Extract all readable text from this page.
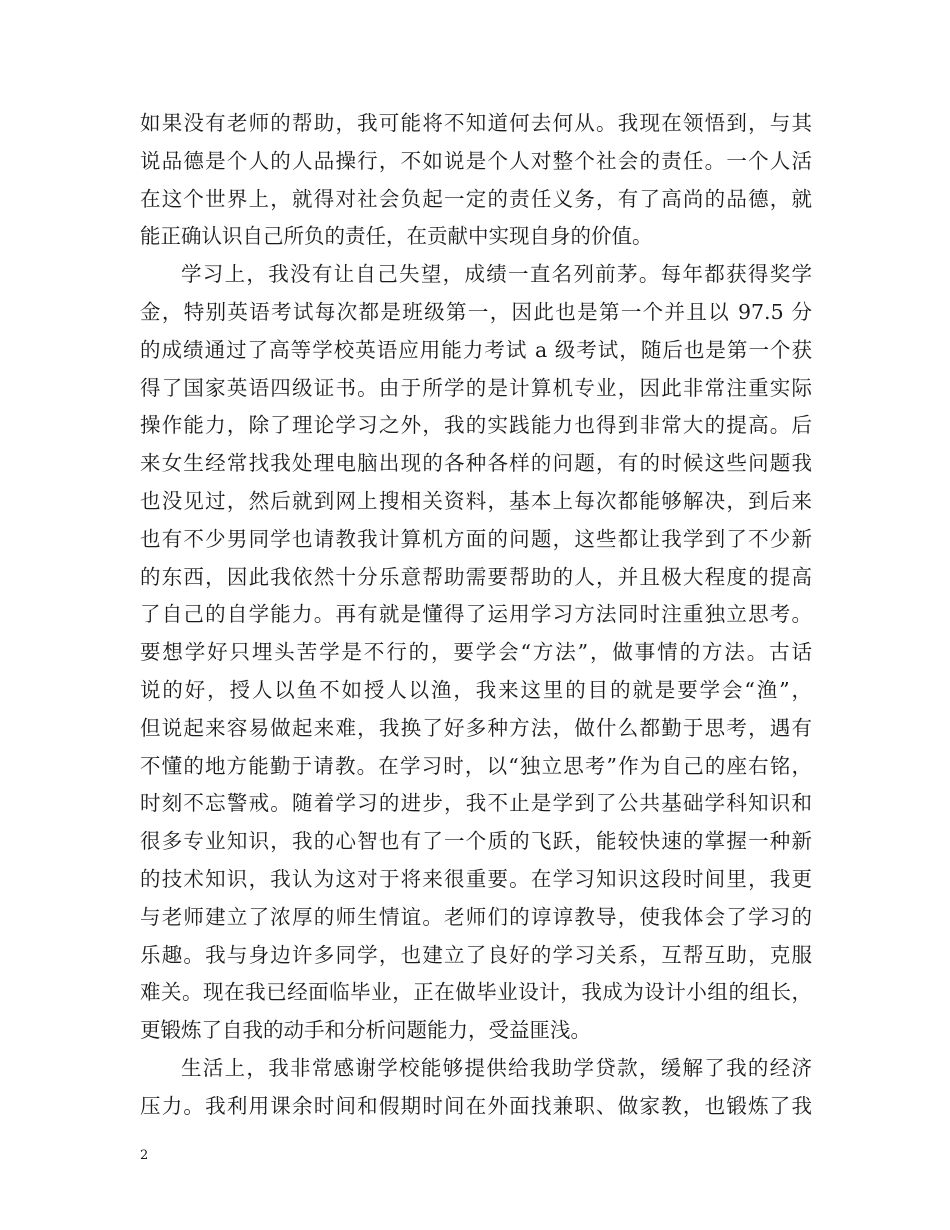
如果没有老师的帮助，我可能将不知道何去何从。我现在领悟到，与其
说品德是个人的人品操行，不如说是个人对整个社会的责任。一个人活
在这个世界上，就得对社会负起一定的责任义务，有了高尚的品德，就
能正确认识自己所负的责任，在贡献中实现自身的价值。
学习上，我没有让自己失望，成绩一直名列前茅。每年都获得奖学
金，特别英语考试每次都是班级第一，因此也是第一个并且以 97.5 分
的成绩通过了高等学校英语应用能力考试 a 级考试，随后也是第一个获
得了国家英语四级证书。由于所学的是计算机专业，因此非常注重实际
操作能力，除了理论学习之外，我的实践能力也得到非常大的提高。后
来女生经常找我处理电脑出现的各种各样的问题，有的时候这些问题我
也没见过，然后就到网上搜相关资料，基本上每次都能够解决，到后来
也有不少男同学也请教我计算机方面的问题，这些都让我学到了不少新
的东西，因此我依然十分乐意帮助需要帮助的人，并且极大程度的提高
了自己的自学能力。再有就是懂得了运用学习方法同时注重独立思考。
要想学好只埋头苦学是不行的，要学会“方法”，做事情的方法。古话
说的好，授人以鱼不如授人以渔，我来这里的目的就是要学会“渔”，
但说起来容易做起来难，我换了好多种方法，做什么都勤于思考，遇有
不懂的地方能勤于请教。在学习时，以“独立思考”作为自己的座右铭，
时刻不忘警戒。随着学习的进步，我不止是学到了公共基础学科知识和
很多专业知识，我的心智也有了一个质的飞跃，能较快速的掌握一种新
的技术知识，我认为这对于将来很重要。在学习知识这段时间里，我更
与老师建立了浓厚的师生情谊。老师们的谆谆教导，使我体会了学习的
乐趣。我与身边许多同学，也建立了良好的学习关系，互帮互助，克服
难关。现在我已经面临毕业，正在做毕业设计，我成为设计小组的组长，
更锻炼了自我的动手和分析问题能力，受益匪浅。
生活上，我非常感谢学校能够提供给我助学贷款，缓解了我的经济
压力。我利用课余时间和假期时间在外面找兼职、做家教，也锻炼了我
2
